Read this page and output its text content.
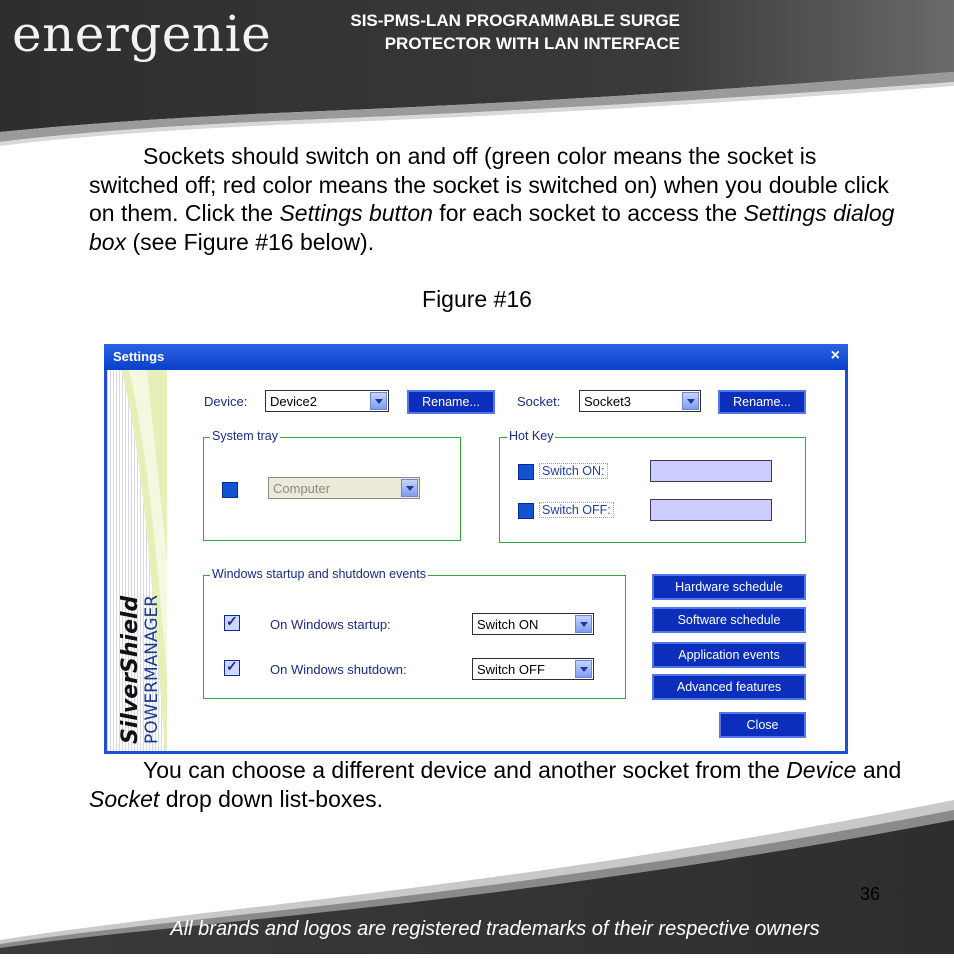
energenie	SIS-PMS-LAN PROGRAMMABLE SURGE
PROTECTOR WITH LAN INTERFACE
Sockets should switch on and off (green color means the socket is switched off; red color means the socket is switched on) when you double click on them. Click the Settings button for each socket to access the Settings dialog box (see Figure #16 below).
Figure #16
Settings	×
SilverShield POWERMANAGER
Device: Device2	Rename...	Socket: Socket3	Rename...
System tray
Computer
Hot Key
Switch ON:
Switch OFF:
Windows startup and shutdown events
✓
On Windows startup:	Switch ON
✓
On Windows shutdown:	Switch OFF
Hardware schedule
Software schedule
Application events
Advanced features
Close
You can choose a different device and another socket from the Device and Socket drop down list-boxes.
36
All brands and logos are registered trademarks of their respective owners
